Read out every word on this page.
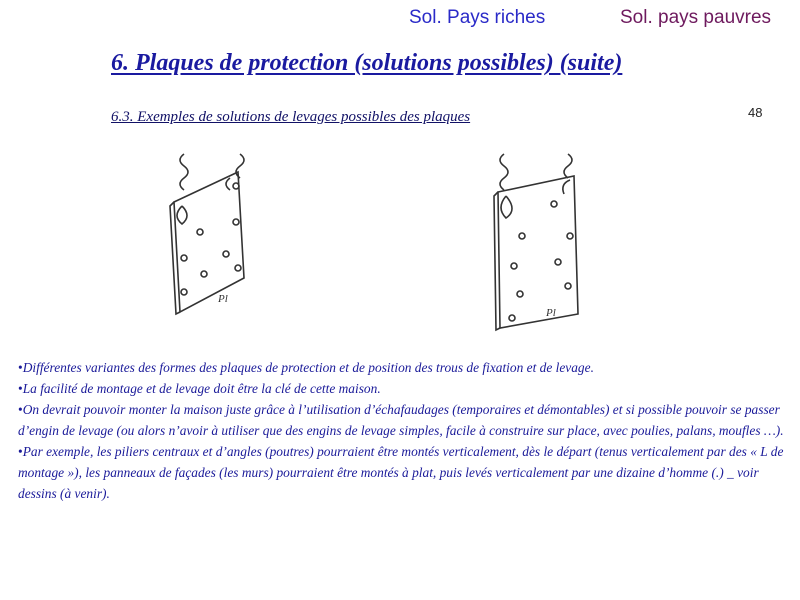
Sol. Pays riches	Sol. pays pauvres
6. Plaques de protection (solutions possibles) (suite)
6.3. Exemples de solutions de levages possibles des plaques	48
Pl
Pl

•Différentes variantes des formes des plaques de protection et de position des trous de fixation et de levage.

•La facilité de montage et de levage doit être la clé de cette maison.

•On devrait pouvoir monter la maison juste grâce à l’utilisation d’échafaudages (temporaires et démontables) et si possible pouvoir se passer d’engin de levage (ou alors n’avoir à utiliser que des engins de levage simples, facile à construire sur place, avec poulies, palans, moufles …).

•Par exemple, les piliers centraux et d’angles (poutres) pourraient être montés verticalement, dès le départ (tenus verticalement par des « L de montage »), les panneaux de façades (les murs) pourraient être montés à plat, puis levés verticalement par une dizaine d’homme (.) _ voir dessins (à venir).
